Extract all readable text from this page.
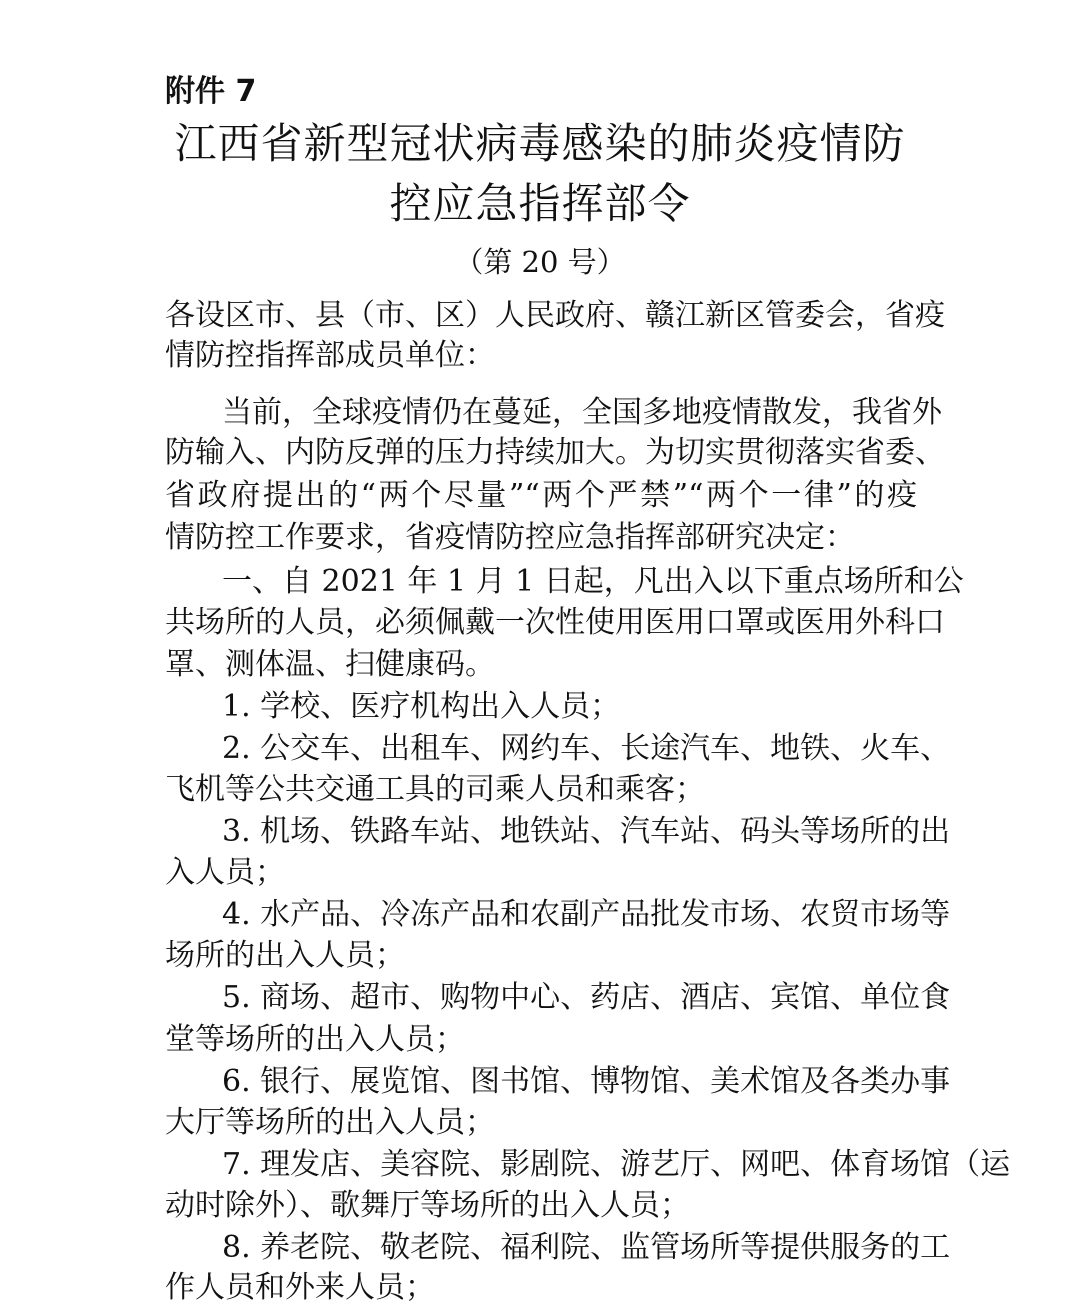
附件 7
江西省新型冠状病毒感染的肺炎疫情防
控应急指挥部令
（第 20 号）
各设区市、县（市、区）人民政府、赣江新区管委会，省疫
情防控指挥部成员单位：
当前，全球疫情仍在蔓延，全国多地疫情散发，我省外
防输入、内防反弹的压力持续加大。为切实贯彻落实省委、
省政府提出的“两个尽量”“两个严禁”“两个一律”的疫
情防控工作要求，省疫情防控应急指挥部研究决定：
一、自 2021 年 1 月 1 日起，凡出入以下重点场所和公
共场所的人员，必须佩戴一次性使用医用口罩或医用外科口
罩、测体温、扫健康码。
1. 学校、医疗机构出入人员；
2. 公交车、出租车、网约车、长途汽车、地铁、火车、
飞机等公共交通工具的司乘人员和乘客；
3. 机场、铁路车站、地铁站、汽车站、码头等场所的出
入人员；
4. 水产品、冷冻产品和农副产品批发市场、农贸市场等
场所的出入人员；
5. 商场、超市、购物中心、药店、酒店、宾馆、单位食
堂等场所的出入人员；
6. 银行、展览馆、图书馆、博物馆、美术馆及各类办事
大厅等场所的出入人员；
7. 理发店、美容院、影剧院、游艺厅、网吧、体育场馆（运
动时除外）、歌舞厅等场所的出入人员；
8. 养老院、敬老院、福利院、监管场所等提供服务的工
作人员和外来人员；
